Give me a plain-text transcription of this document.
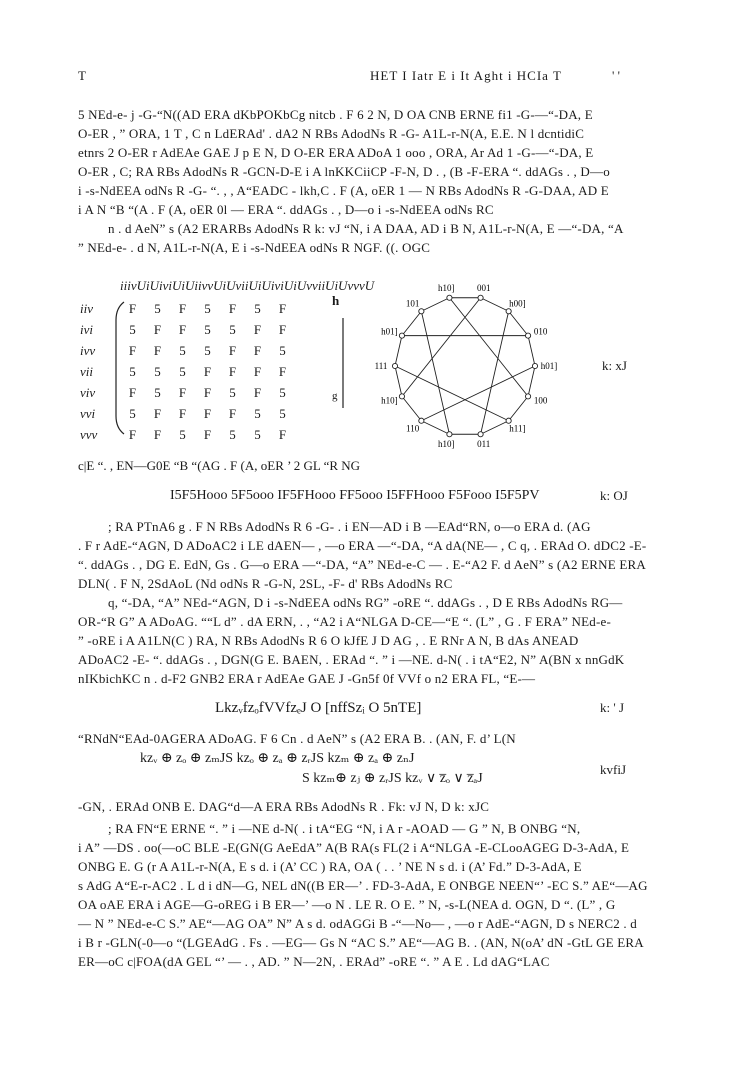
T	HET I Iatr E i It Aght i HCIa T	' '
5 NEd-e- j -G-“N((AD ERA dKbPOKbCg nitcb . F 6 2 N, D OA CNB ERNE fi1 -G-—“-DA, E
O-ER , ” ORA, 1 T , C n LdERAd' . dA2 N RBs AdodNs R -G- A1L-r-N(A, E.E. N l dcntidiC
etnrs 2 O-ER r AdEAe GAE J p E N, D O-ER ERA ADoA 1 ooo , ORA, Ar Ad 1 -G-—“-DA, E
O-ER , C; RA RBs AdodNs R -GCN-D-E i A lnKKCiiCP -F-N, D . , (B -F-ERA “. ddAGs . , D—o
i -s-NdEEA odNs R -G- “. , , A“EADC - lkh,C . F (A, oER 1 — N RBs AdodNs R -G-DAA, AD E
i A N “B “(A . F (A, oER 0l — ERA “. ddAGs . , D—o i -s-NdEEA odNs RC
n . d AeN” s (A2 ERARBs AdodNs R k: vJ “N, i A DAA, AD i B N, A1L-r-N(A, E —“-DA, “A
” NEd-e- . d N, A1L-r-N(A, E i -s-NdEEA odNs R NGF. ((. OGC
iiivUiUiviUiUiivvUiUviiUiUiviUiUvviiUiUvvvU
h
g
iiv	F	5	F	5	F	5	F
ivi	5	F	F	5	5	F	F
ivv	F	F	5	5	F	F	5
vii	5	5	5	F	F	F	F
viv	F	5	F	F	5	F	5
vvi	5	F	F	F	F	5	5
vvv	F	F	5	F	5	5	F
h10] 001
h00]
010
h01]
100
h11]
011
h10]
110
h10]
111
h01]
101
k: xJ
c|E “. , EN—G0E “B “(AG . F (A, oER ’ 2 GL “R NG
I5F5Hooo 5F5ooo IF5FHooo FF5ooo I5FFHooo F5Fooo I5F5PV	k: OJ
; RA PTnA6 g . F N RBs AdodNs R 6 -G- . i EN—AD i B —EAd“RN, o—o ERA d. (AG
. F r AdE-“AGN, D ADoAC2 i LE dAEN— , —o ERA —“-DA, “A dA(NE— , C q, . ERAd O. dDC2 -E-
“. ddAGs . , DG E. EdN, Gs . G—o ERA —“-DA, “A” NEd-e-C — . E-“A2 F. d AeN” s (A2 ERNE ERA
DLN( . F N, 2SdAoL (Nd odNs R -G-N, 2SL, -F- d' RBs AdodNs RC
q, “-DA, “A” NEd-“AGN, D i -s-NdEEA odNs RG” -oRE “. ddAGs . , D E RBs AdodNs RG—
OR-“R G” A ADoAG. ““L d” . dA ERN, . , “A2 i A“NLGA D-CE—“E “. (L” , G . F ERA” NEd-e-
” -oRE i A A1LN(C ) RA, N RBs AdodNs R 6 O kJfE J D AG , . E RNr A N, B dAs ANEAD
ADoAC2 -E- “. ddAGs . , DGN(G E. BAEN, . ERAd “. ” i —NE. d-N( . i tA“E2, N” A(BN x nnGdK
nIKbichKC n . d-F2 GNB2 ERA r AdEAe GAE J -Gn5f 0f VVf o n2 ERA FL, “E-—
LkzᵥfzₒfVVfzₑJ O [nffSzᵢ O 5nTE]	k: ' J
“RNdN“EAd-0AGERA ADoAG. F 6 Cn . d AeN” s (A2 ERA B. . (AN, F. d’ L(N
kzᵥ ⊕ zₒ ⊕ zₘJS kzₒ ⊕ zₐ ⊕ zᵣJS kzₘ ⊕ zₐ ⊕ zₙJ
S kzₘ⊕ zⱼ ⊕ zᵣJS kzᵥ ∨ z̅ₒ ∨ z̅ₐJ
kvfiJ
-GN, . ERAd ONB E. DAG“d—A ERA RBs AdodNs R . Fk: vJ N, D k: xJC
; RA FN“E ERNE “. ” i —NE d-N( . i tA“EG “N, i A r -AOAD — G ” N, B ONBG “N,
i A” —DS . oo(—oC BLE -E(GN(G AeEdA” A(B RA(s FL(2 i A“NLGA -E-CLooAGEG D-3-AdA, E
ONBG E. G (r A A1L-r-N(A, E s d. i (A’ CC ) RA, OA ( . . ’ NE N s d. i (A’ Fd.” D-3-AdA, E
s AdG A“E-r-AC2 . L d i dN—G, NEL dN((B ER—’ . FD-3-AdA, E ONBGE NEEN“’ -EC S.” AE“—AG
OA oAE ERA i AGE—G-oREG i B ER—’ —o N . LE R. O E. ” N, -s-L(NEA d. OGN, D “. (L” , G
— N ” NEd-e-C S.” AE“—AG OA” N” A s d. odAGGi B -“—No— , —o r AdE-“AGN, D s NERC2 . d
i B r -GLN(-0—o “(LGEAdG . Fs . —EG— Gs N “AC S.” AE“—AG B. . (AN, N(oA’ dN -GtL GE ERA
ER—oC c|FOA(dA GEL “’ — . , AD. ” N—2N, . ERAd” -oRE “. ” A E . Ld dAG“LAC
